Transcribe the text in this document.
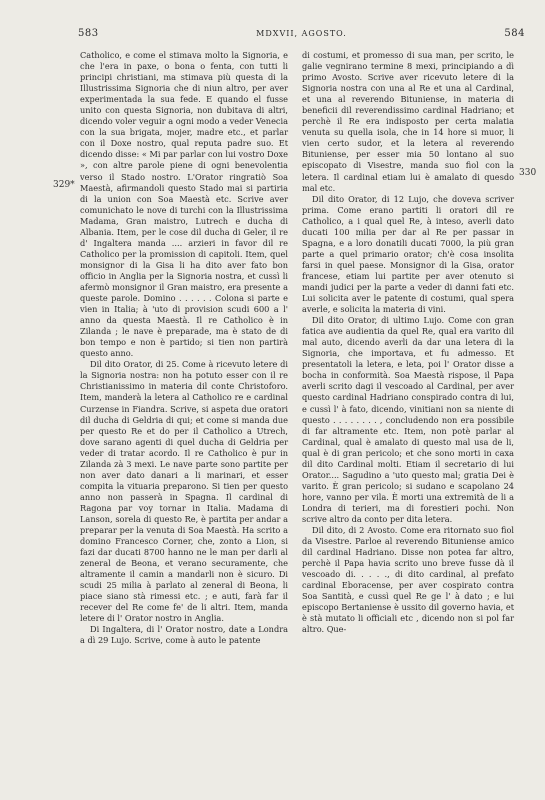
583	MDXVII, AGOSTO.	584
329*
330

Catholico, e come el stimava molto la Signoria, e che l'era in paxe, o bona o fenta, con tutti li principi christiani, ma stimava più questa di la Illustrissima Signoria che di niun altro, per aver experimentada la sua fede. E quando el fusse unito con questa Signoria, non dubitava di altri, dicendo voler veguir a ogni modo a veder Venecia con la sua brigata, mojer, madre etc., et parlar con il Doxe nostro, qual reputa padre suo. Et dicendo disse: « Mi par parlar con lui vostro Doxe », con altre parole piene di ogni benevolentia verso il Stado nostro. L'Orator ringratiò Soa Maestà, afirmandoli questo Stado mai si partiria di la union con Soa Maestà etc. Scrive aver comunichato le nove di turchi con la Illustrissima Madama, Gran maistro, Lutrech e ducha di Albania. Item, per le cose dil ducha di Geler, il re d' Ingaltera manda .... arzieri in favor dil re Catholico per la promission di capitoli. Item, quel monsignor di la Gisa li ha dito aver fato bon officio in Anglia per la Signoria nostra, et cussì li afermò monsignor il Gran maistro, era presente a queste parole. Domino . . . . . . Colona si parte e vien in Italia; à 'uto di provision scudi 600 a l' anno da questa Maestà. Il re Catholico è in Zilanda ; le nave è preparade, ma è stato de di bon tempo e non è partido; si tien non partirà questo anno.

Dil dito Orator, di 25. Come à ricevuto letere di la Signoria nostra: non ha potuto esser con il re Christianissimo in materia dil conte Christoforo. Item, manderà la letera al Catholico re e cardinal Curzense in Fiandra. Scrive, si aspeta due oratori dil ducha di Geldria di qui; et come si manda due per questo Re et do per il Catholico a Utrech, dove sarano agenti di quel ducha di Geldria per veder di tratar acordo. Il re Catholico è pur in Zilanda zà 3 mexi. Le nave parte sono partite per non aver dato danari a li marinari, et esser compita la vituaria preparono. Si tien per questo anno non passerà in Spagna. Il cardinal di Ragona par voy tornar in Italia. Madama di Lanson, sorela di questo Re, è partita per andar a preparar per la venuta di Soa Maestà. Ha scrito a domino Francesco Corner, che, zonto a Lion, si fazi dar ducati 8700 hanno ne le man per darli al zeneral de Beona, et verano securamente, che altramente il camin a mandarli non è sicuro. Di scudi 25 milia à parlato al zeneral di Beona, li piace siano stà rimessi etc. ; e auti, farà far il recever del Re come fe' de li altri. Item, manda letere di l' Orator nostro in Anglia.

Di Ingaltera, di l' Orator nostro, date a Londra a dì 29 Lujo. Scrive, come à auto le patente

di costumi, et promesso di sua man, per scrito, le galie vegnirano termine 8 mexi, principiando a dì primo Avosto. Scrive aver ricevuto letere di la Signoria nostra con una al Re et una al Cardinal, et una al reverendo Bituniense, in materia di beneficii dil reverendissimo cardinal Hadriano; et perchè il Re era indisposto per certa malatia venuta su quella isola, che in 14 hore si muor, li vien certo sudor, et la letera al reverendo Bituniense, per esser mia 50 lontano al suo episcopato di Visestre, manda suo fiol con la letera. Il cardinal etiam lui è amalato di quesdo mal etc.

Dil dito Orator, di 12 Lujo, che doveva scriver prima. Come erano partiti li oratori dil re Catholico, a i qual quel Re, à inteso, averli dato ducati 100 milia per dar al Re per passar in Spagna, e a loro donatili ducati 7000, la più gran parte a quel primario orator; ch'è cosa insolita farsi in quel paese. Monsignor di la Gisa, orator francese, etiam lui partite per aver otenuto si mandi judici per la parte a veder di danni fati etc. Lui solicita aver le patente di costumi, qual spera averle, e solicita la materia di vini.

Dil dito Orator, di ultimo Lujo. Come con gran fatica ave audientia da quel Re, qual era varito dil mal auto, dicendo averli da dar una letera di la Signoria, che importava, et fu admesso. Et presentatoli la letera, e leta, poi l' Orator disse a bocha in conformità. Soa Maestà rispose, il Papa averli scrito dagi il vescoado al Cardinal, per aver questo cardinal Hadriano conspirado contra di lui, e cussì l' à fato, dicendo, vinitiani non sa niente di questo . . . . . . . . , concludendo non era possibile di far altramente etc. Item, non potè parlar al Cardinal, qual è amalato di questo mal usa de li, qual è di gran pericolo; et che sono morti in caxa dil dito Cardinal molti. Etiam il secretario di lui Orator.... Sagudino a 'uto questo mal; gratia Dei è varito. È gran pericolo; si sudano e scapolano 24 hore, vanno per vila. È morti una extremità de li a Londra di terieri, ma di forestieri pochi. Non scrive altro da conto per dita letera.

Dil dito, di 2 Avosto. Come era ritornato suo fiol da Visestre. Parloe al reverendo Bituniense amico dil cardinal Hadriano. Disse non potea far altro, perchè il Papa havia scrito uno breve fusse dà il vescoado di. . . . ., di dito cardinal, al prefato cardinal Eboracense, per aver cospirato contra Soa Santità, e cussì quel Re ge l' à dato ; e lui episcopo Bertaniense è ussito dil governo havia, et è stà mutato li officiali etc , dicendo non si pol far altro. Que-
